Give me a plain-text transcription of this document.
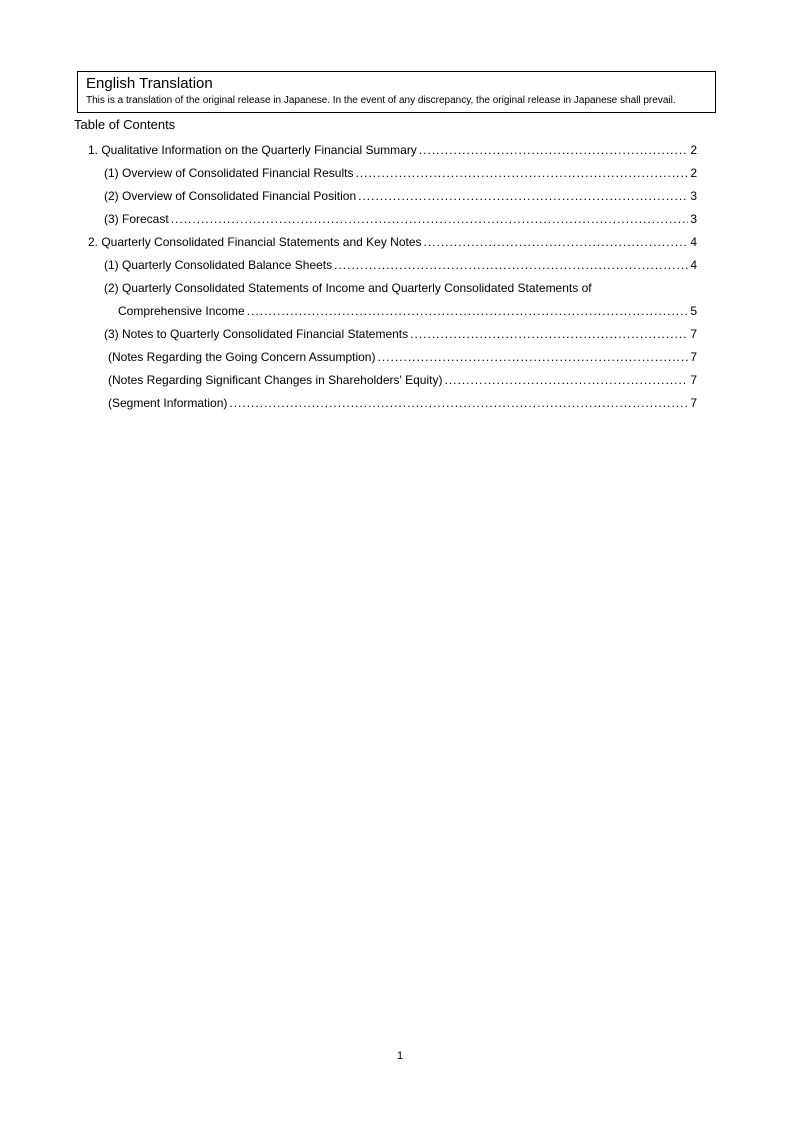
English Translation
This is a translation of the original release in Japanese. In the event of any discrepancy, the original release in Japanese shall prevail.
Table of Contents
1. Qualitative Information on the Quarterly Financial Summary .....	2
(1) Overview of Consolidated Financial Results .....	2
(2) Overview of Consolidated Financial Position .....	3
(3) Forecast .....	3
2. Quarterly Consolidated Financial Statements and Key Notes .....	4
(1) Quarterly Consolidated Balance Sheets .....	4
(2) Quarterly Consolidated Statements of Income and Quarterly Consolidated Statements of
Comprehensive Income .....	5
(3) Notes to Quarterly Consolidated Financial Statements .....	7
(Notes Regarding the Going Concern Assumption) .....	7
(Notes Regarding Significant Changes in Shareholders' Equity) .....	7
(Segment Information) .....	7
1
